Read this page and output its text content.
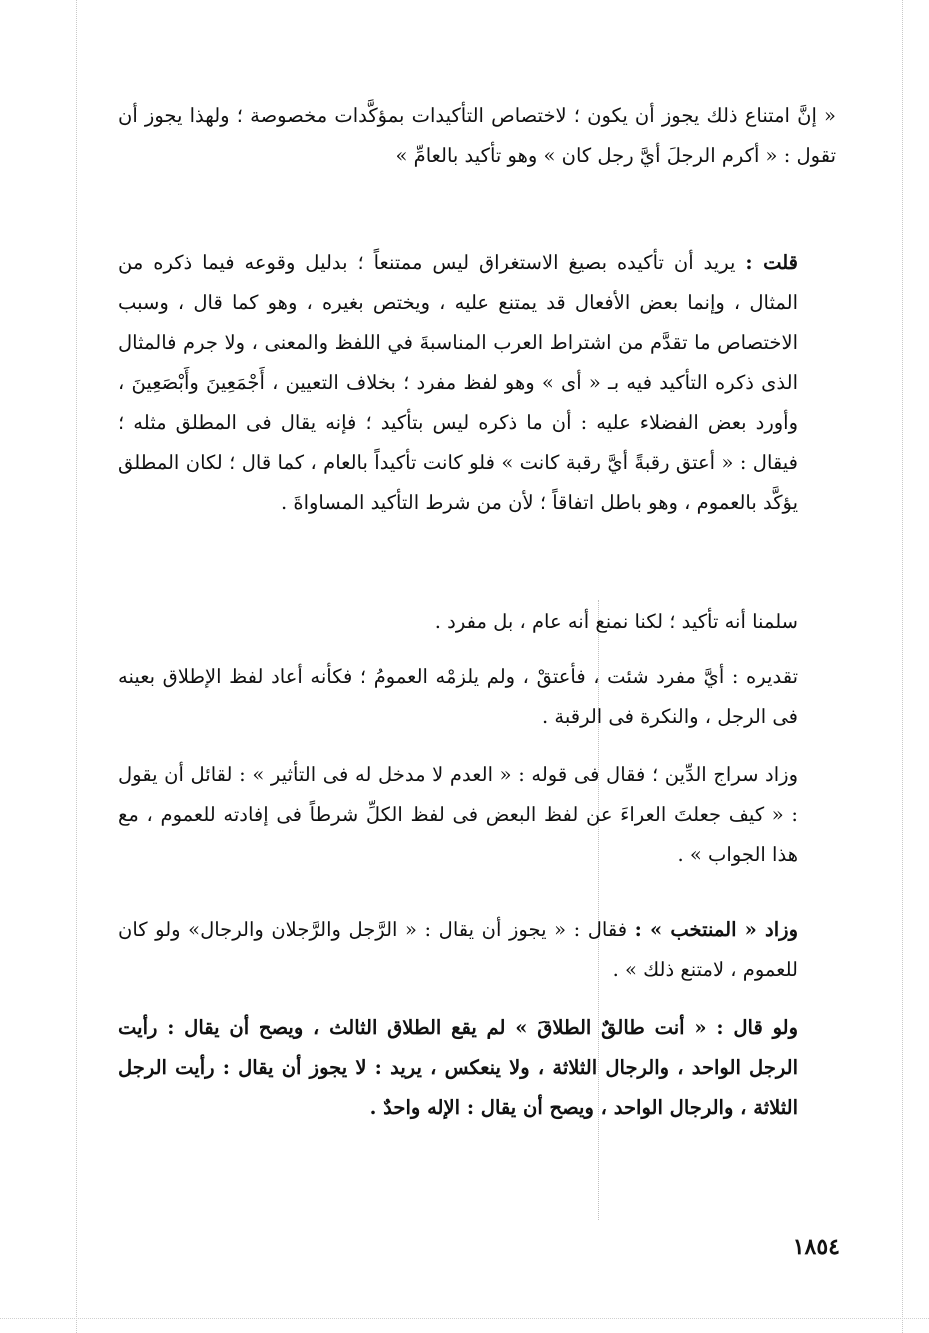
« إنَّ امتناع ذلك يجوز أن يكون ؛ لاختصاص التأكيدات بمؤكَّدات مخصوصة ؛ ولهذا يجوز أن تقول : « أكرم الرجلَ أيَّ رجل كان » وهو تأكيد بالعامِّ »

قلت : يريد أن تأكيده بصيغ الاستغراق ليس ممتنعاً ؛ بدليل وقوعه فيما ذكره من المثال ، وإنما بعض الأفعال قد يمتنع عليه ، ويختص بغيره ، وهو كما قال ، وسبب الاختصاص ما تقدَّم من اشتراط العرب المناسبةَ في اللفظ والمعنى ، ولا جرم فالمثال الذى ذكره التأكيد فيه بـ « أى » وهو لفظ مفرد ؛ بخلاف التعيين ، أَجْمَعِينَ وأَبْصَعِينَ ، وأورد بعض الفضلاء عليه : أن ما ذكره ليس بتأكيد ؛ فإنه يقال فى المطلق مثله ؛ فيقال : « أعتق رقبةً أيَّ رقبة كانت » فلو كانت تأكيداً بالعام ، كما قال ؛ لكان المطلق يؤكَّد بالعموم ، وهو باطل اتفاقاً ؛ لأن من شرط التأكيد المساواةَ .

سلمنا أنه تأكيد ؛ لكنا نمنع أنه عام ، بل مفرد .

تقديره : أيَّ مفرد شئت ، فأعتقْ ، ولم يلزمْه العمومُ ؛ فكأنه أعاد لفظ الإطلاق بعينه فى الرجل ، والنكرة فى الرقبة .

وزاد سراج الدِّين ؛ فقال فى قوله : « العدم لا مدخل له فى التأثير » : لقائل أن يقول : « كيف جعلتَ العراءَ عن لفظ البعض فى لفظ الكلِّ شرطاً فى إفادته للعموم ، مع هذا الجواب » .

وزاد « المنتخب » : فقال : « يجوز أن يقال : « الرَّجل والرَّجلان والرجال» ولو كان للعموم ، لامتنع ذلك » .

ولو قال : « أنت طالقٌ الطلاقَ » لم يقع الطلاق الثالث ، ويصح أن يقال : رأيت الرجل الواحد ، والرجال الثلاثة ، ولا ينعكس ، يريد : لا يجوز أن يقال : رأيت الرجل الثلاثة ، والرجال الواحد ، ويصح أن يقال : الإله واحدٌ .

١٨٥٤
